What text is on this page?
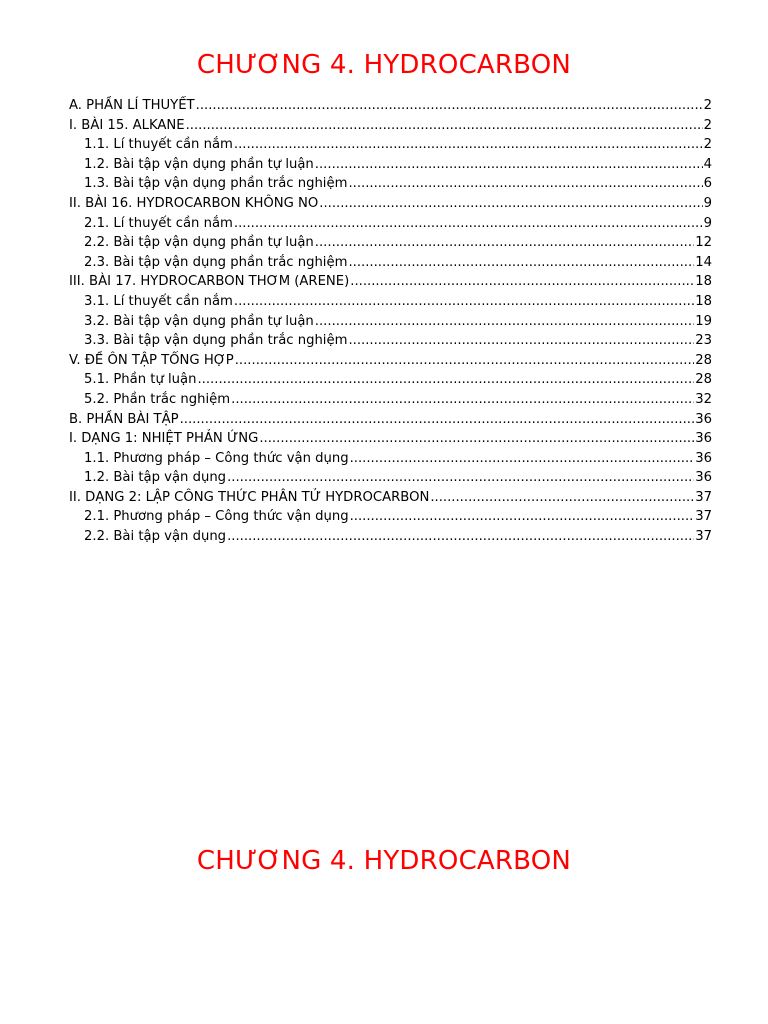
CHƯƠNG 4. HYDROCARBON
A. PHẦN LÍ THUYẾT .....	2
I. BÀI 15. ALKANE .....	2
1.1. Lí thuyết cần nắm .....	2
1.2. Bài tập vận dụng phần tự luận .....	4
1.3. Bài tập vận dụng phần trắc nghiệm .....	6
II. BÀI 16. HYDROCARBON KHÔNG NO .....	9
2.1. Lí thuyết cần nắm .....	9
2.2. Bài tập vận dụng phần tự luận .....	12
2.3. Bài tập vận dụng phần trắc nghiệm .....	14
III. BÀI 17. HYDROCARBON THƠM (ARENE) .....	18
3.1. Lí thuyết cần nắm .....	18
3.2. Bài tập vận dụng phần tự luận .....	19
3.3. Bài tập vận dụng phần trắc nghiệm .....	23
V. ĐỀ ÔN TẬP TỔNG HỢP .....	28
5.1. Phần tự luận .....	28
5.2. Phần trắc nghiệm .....	32
B. PHẦN BÀI TẬP .....	36
I. DẠNG 1: NHIỆT PHẢN ỨNG .....	36
1.1. Phương pháp – Công thức vận dụng .....	36
1.2. Bài tập vận dụng .....	36
II. DẠNG 2: LẬP CÔNG THỨC PHÂN TỬ HYDROCARBON .....	37
2.1. Phương pháp – Công thức vận dụng .....	37
2.2. Bài tập vận dụng .....	37
CHƯƠNG 4. HYDROCARBON
